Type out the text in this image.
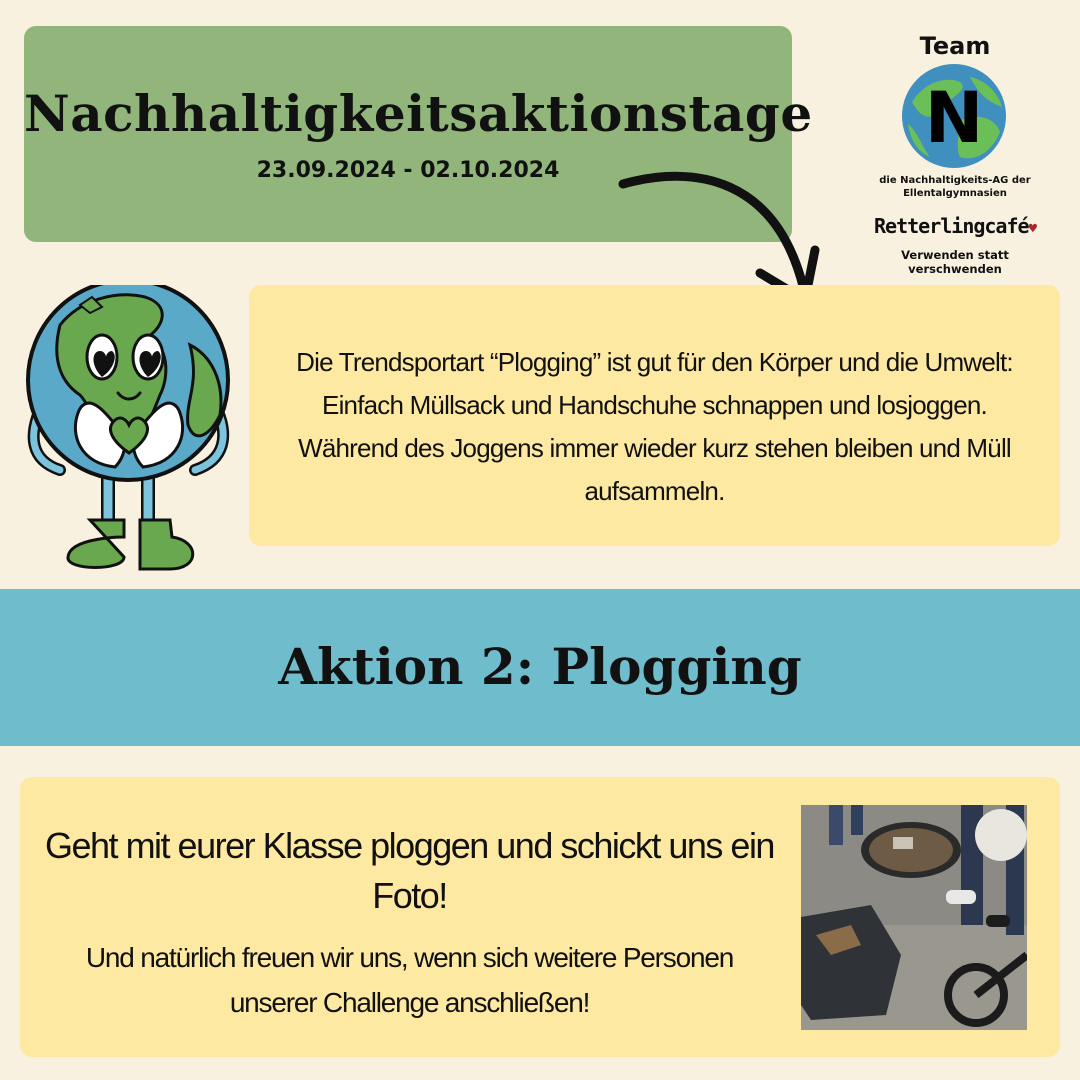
Nachhaltigkeitsaktionstage
23.09.2024 - 02.10.2024
Team
N
die Nachhaltigkeits-AG der
Ellentalgymnasien
Retterlingcafé♥
Verwenden statt verschwenden

Die Trendsportart “Plogging” ist gut für den Körper und die Umwelt: Einfach Müllsack und Handschuhe schnappen und losjoggen. Während des Joggens immer wieder kurz stehen bleiben und Müll aufsammeln.

Aktion 2: Plogging

Geht mit eurer Klasse ploggen und schickt uns ein Foto!

Und natürlich freuen wir uns, wenn sich weitere Personen unserer Challenge anschließen!
